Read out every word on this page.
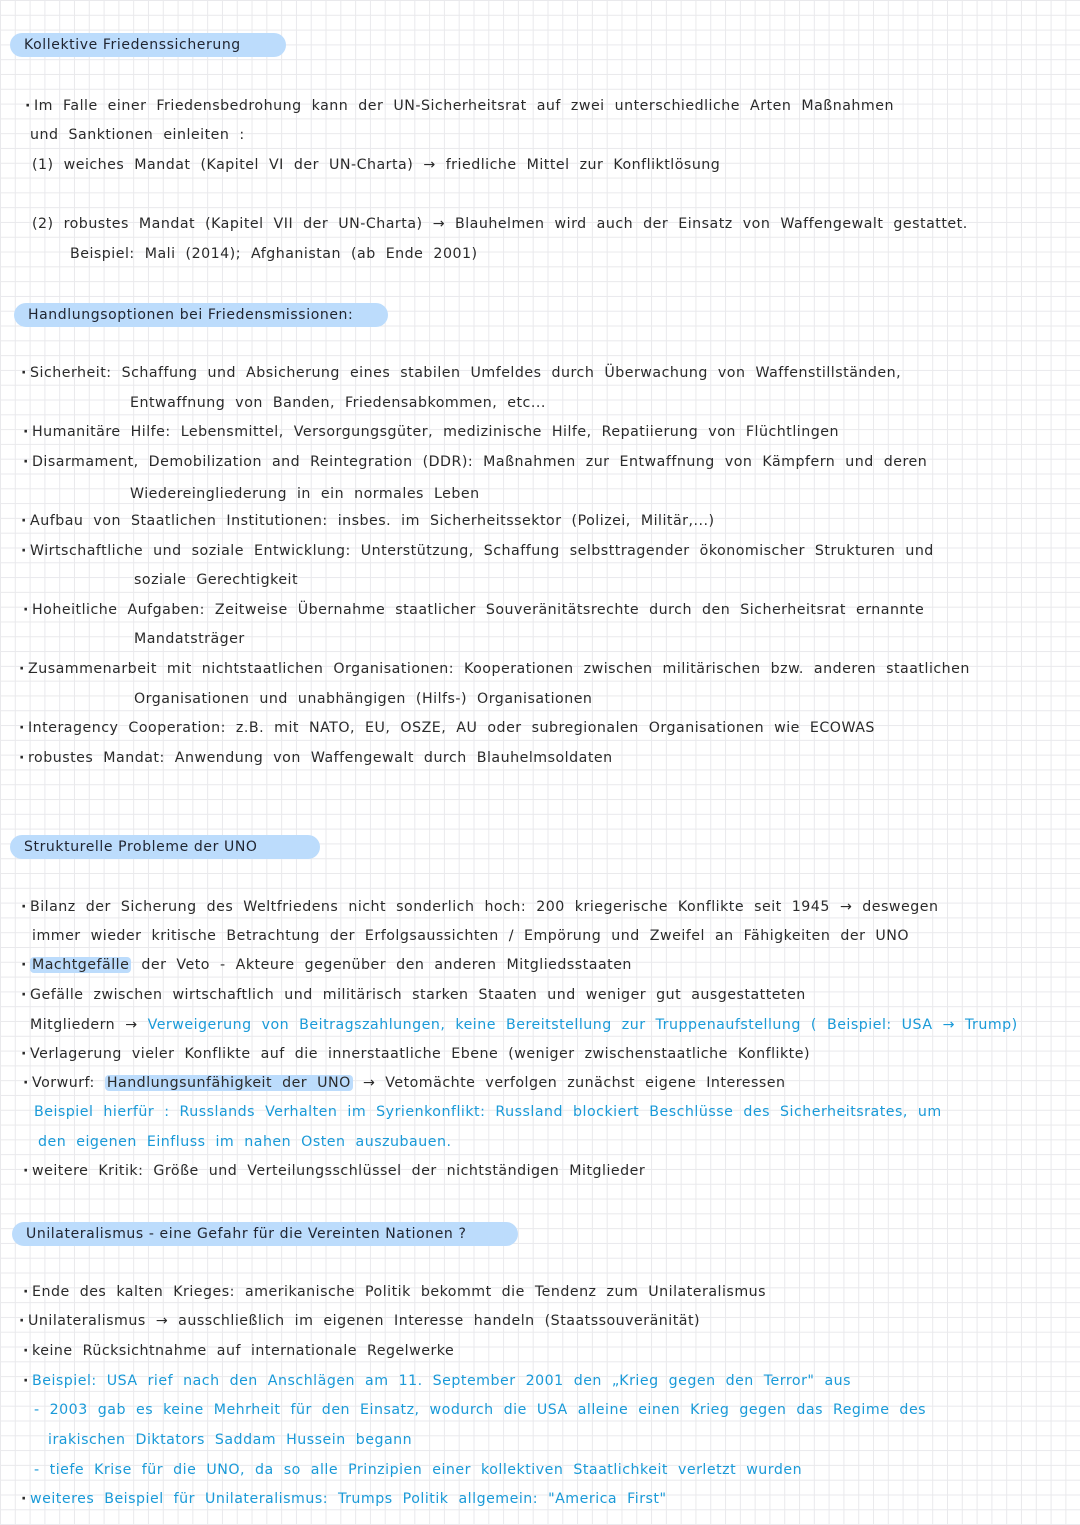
Kollektive Friedenssicherung
· Im Falle einer Friedensbedrohung kann der UN-Sicherheitsrat auf zwei unterschiedliche Arten Maßnahmen
und Sanktionen einleiten :
(1) weiches Mandat (Kapitel VI der UN-Charta) → friedliche Mittel zur Konfliktlösung
(2) robustes Mandat (Kapitel VII der UN-Charta) → Blauhelmen wird auch der Einsatz von Waffengewalt gestattet.
Beispiel: Mali (2014); Afghanistan (ab Ende 2001)
Handlungsoptionen bei Friedensmissionen:
· Sicherheit: Schaffung und Absicherung eines stabilen Umfeldes durch Überwachung von Waffenstillständen,
Entwaffnung von Banden, Friedensabkommen, etc...
· Humanitäre Hilfe: Lebensmittel, Versorgungsgüter, medizinische Hilfe, Repatiierung von Flüchtlingen
· Disarmament, Demobilization and Reintegration (DDR): Maßnahmen zur Entwaffnung von Kämpfern und deren
Wiedereingliederung in ein normales Leben
· Aufbau von Staatlichen Institutionen: insbes. im Sicherheitssektor (Polizei, Militär,...)
· Wirtschaftliche und soziale Entwicklung: Unterstützung, Schaffung selbsttragender ökonomischer Strukturen und
soziale Gerechtigkeit
· Hoheitliche Aufgaben: Zeitweise Übernahme staatlicher Souveränitätsrechte durch den Sicherheitsrat ernannte
Mandatsträger
· Zusammenarbeit mit nichtstaatlichen Organisationen: Kooperationen zwischen militärischen bzw. anderen staatlichen
Organisationen und unabhängigen (Hilfs-) Organisationen
· Interagency Cooperation: z.B. mit NATO, EU, OSZE, AU oder subregionalen Organisationen wie ECOWAS
· robustes Mandat: Anwendung von Waffengewalt durch Blauhelmsoldaten
Strukturelle Probleme der UNO
· Bilanz der Sicherung des Weltfriedens nicht sonderlich hoch: 200 kriegerische Konflikte seit 1945 → deswegen
immer wieder kritische Betrachtung der Erfolgsaussichten / Empörung und Zweifel an Fähigkeiten der UNO
· Machtgefälle der Veto - Akteure gegenüber den anderen Mitgliedsstaaten
· Gefälle zwischen wirtschaftlich und militärisch starken Staaten und weniger gut ausgestatteten
Mitgliedern → Verweigerung von Beitragszahlungen, keine Bereitstellung zur Truppenaufstellung ( Beispiel: USA → Trump)
· Verlagerung vieler Konflikte auf die innerstaatliche Ebene (weniger zwischenstaatliche Konflikte)
· Vorwurf: Handlungsunfähigkeit der UNO → Vetomächte verfolgen zunächst eigene Interessen
Beispiel hierfür : Russlands Verhalten im Syrienkonflikt: Russland blockiert Beschlüsse des Sicherheitsrates, um
den eigenen Einfluss im nahen Osten auszubauen.
· weitere Kritik: Größe und Verteilungsschlüssel der nichtständigen Mitglieder
Unilateralismus - eine Gefahr für die Vereinten Nationen ?
· Ende des kalten Krieges: amerikanische Politik bekommt die Tendenz zum Unilateralismus
· Unilateralismus → ausschließlich im eigenen Interesse handeln (Staatssouveränität)
· keine Rücksichtnahme auf internationale Regelwerke
· Beispiel: USA rief nach den Anschlägen am 11. September 2001 den „Krieg gegen den Terror" aus
- 2003 gab es keine Mehrheit für den Einsatz, wodurch die USA alleine einen Krieg gegen das Regime des
irakischen Diktators Saddam Hussein begann
- tiefe Krise für die UNO, da so alle Prinzipien einer kollektiven Staatlichkeit verletzt wurden
· weiteres Beispiel für Unilateralismus: Trumps Politik allgemein: "America First"
